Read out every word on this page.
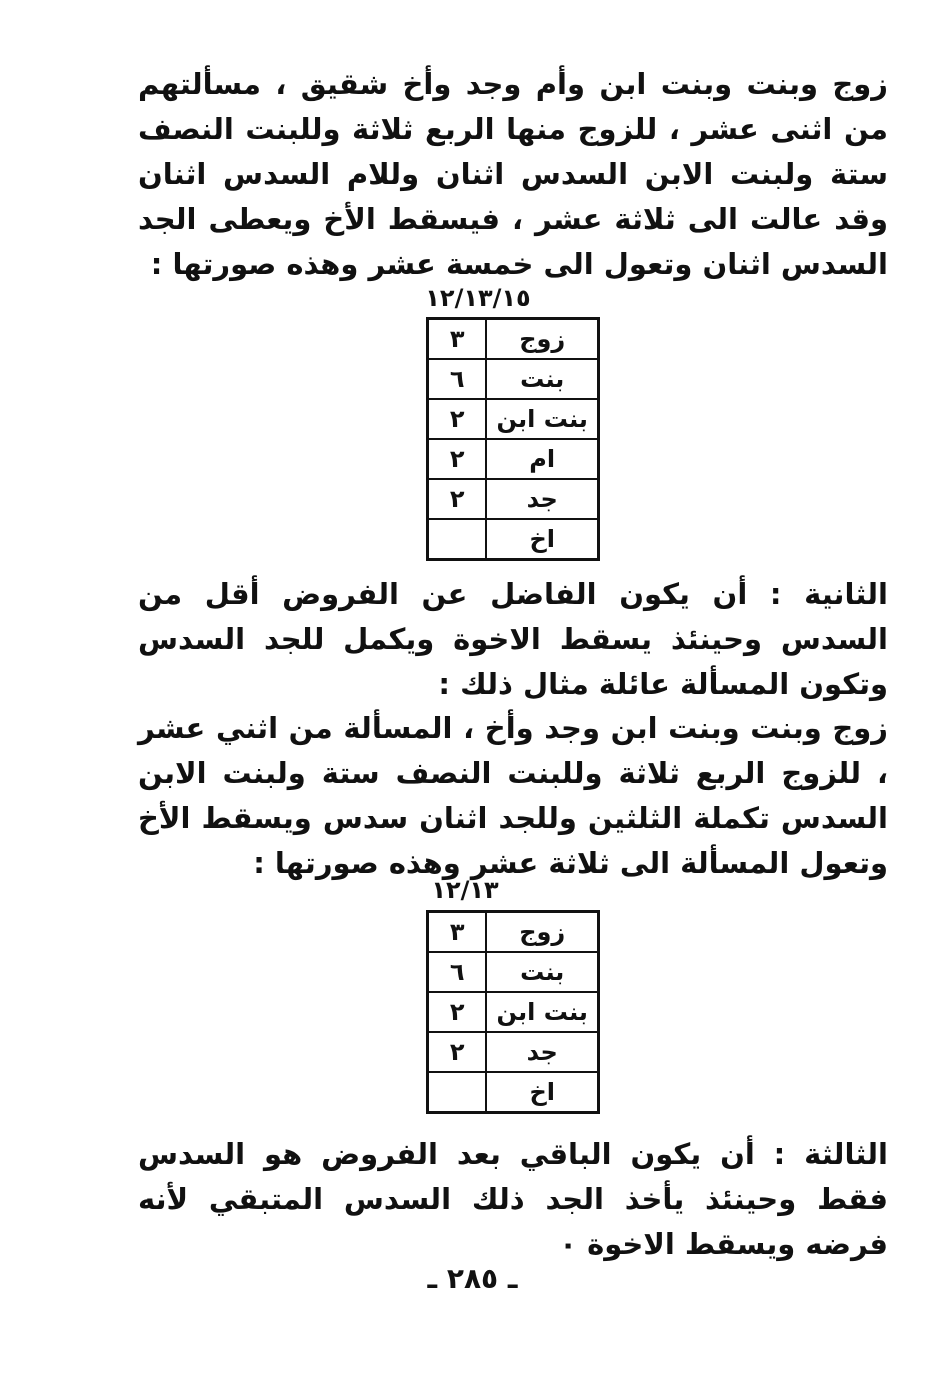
زوج وبنت وبنت ابن وأم وجد وأخ شقيق ، مسألتهم من اثنى عشر ، للزوج منها الربع ثلاثة وللبنت النصف ستة ولبنت الابن السدس اثنان وللام السدس اثنان وقد عالت الى ثلاثة عشر ، فيسقط الأخ ويعطى الجد السدس اثنان وتعول الى خمسة عشر وهذه صورتها :

١٢/١٣/١٥
زوج	٣
بنت	٦
بنت ابن	٢
ام	٢
جد	٢
اخ	

الثانية : أن يكون الفاضل عن الفروض أقل من السدس وحينئذ يسقط الاخوة ويكمل للجد السدس وتكون المسألة عائلة مثال ذلك :

زوج وبنت وبنت ابن وجد وأخ ، المسألة من اثني عشر ، للزوج الربع ثلاثة وللبنت النصف ستة ولبنت الابن السدس تكملة الثلثين وللجد اثنان سدس ويسقط الأخ وتعول المسألة الى ثلاثة عشر وهذه صورتها :

١٢/١٣
زوج	٣
بنت	٦
بنت ابن	٢
جد	٢
اخ	

الثالثة : أن يكون الباقي بعد الفروض هو السدس فقط وحينئذ يأخذ الجد ذلك السدس المتبقي لأنه فرضه ويسقط الاخوة ٠

ـ ٢٨٥ ـ
